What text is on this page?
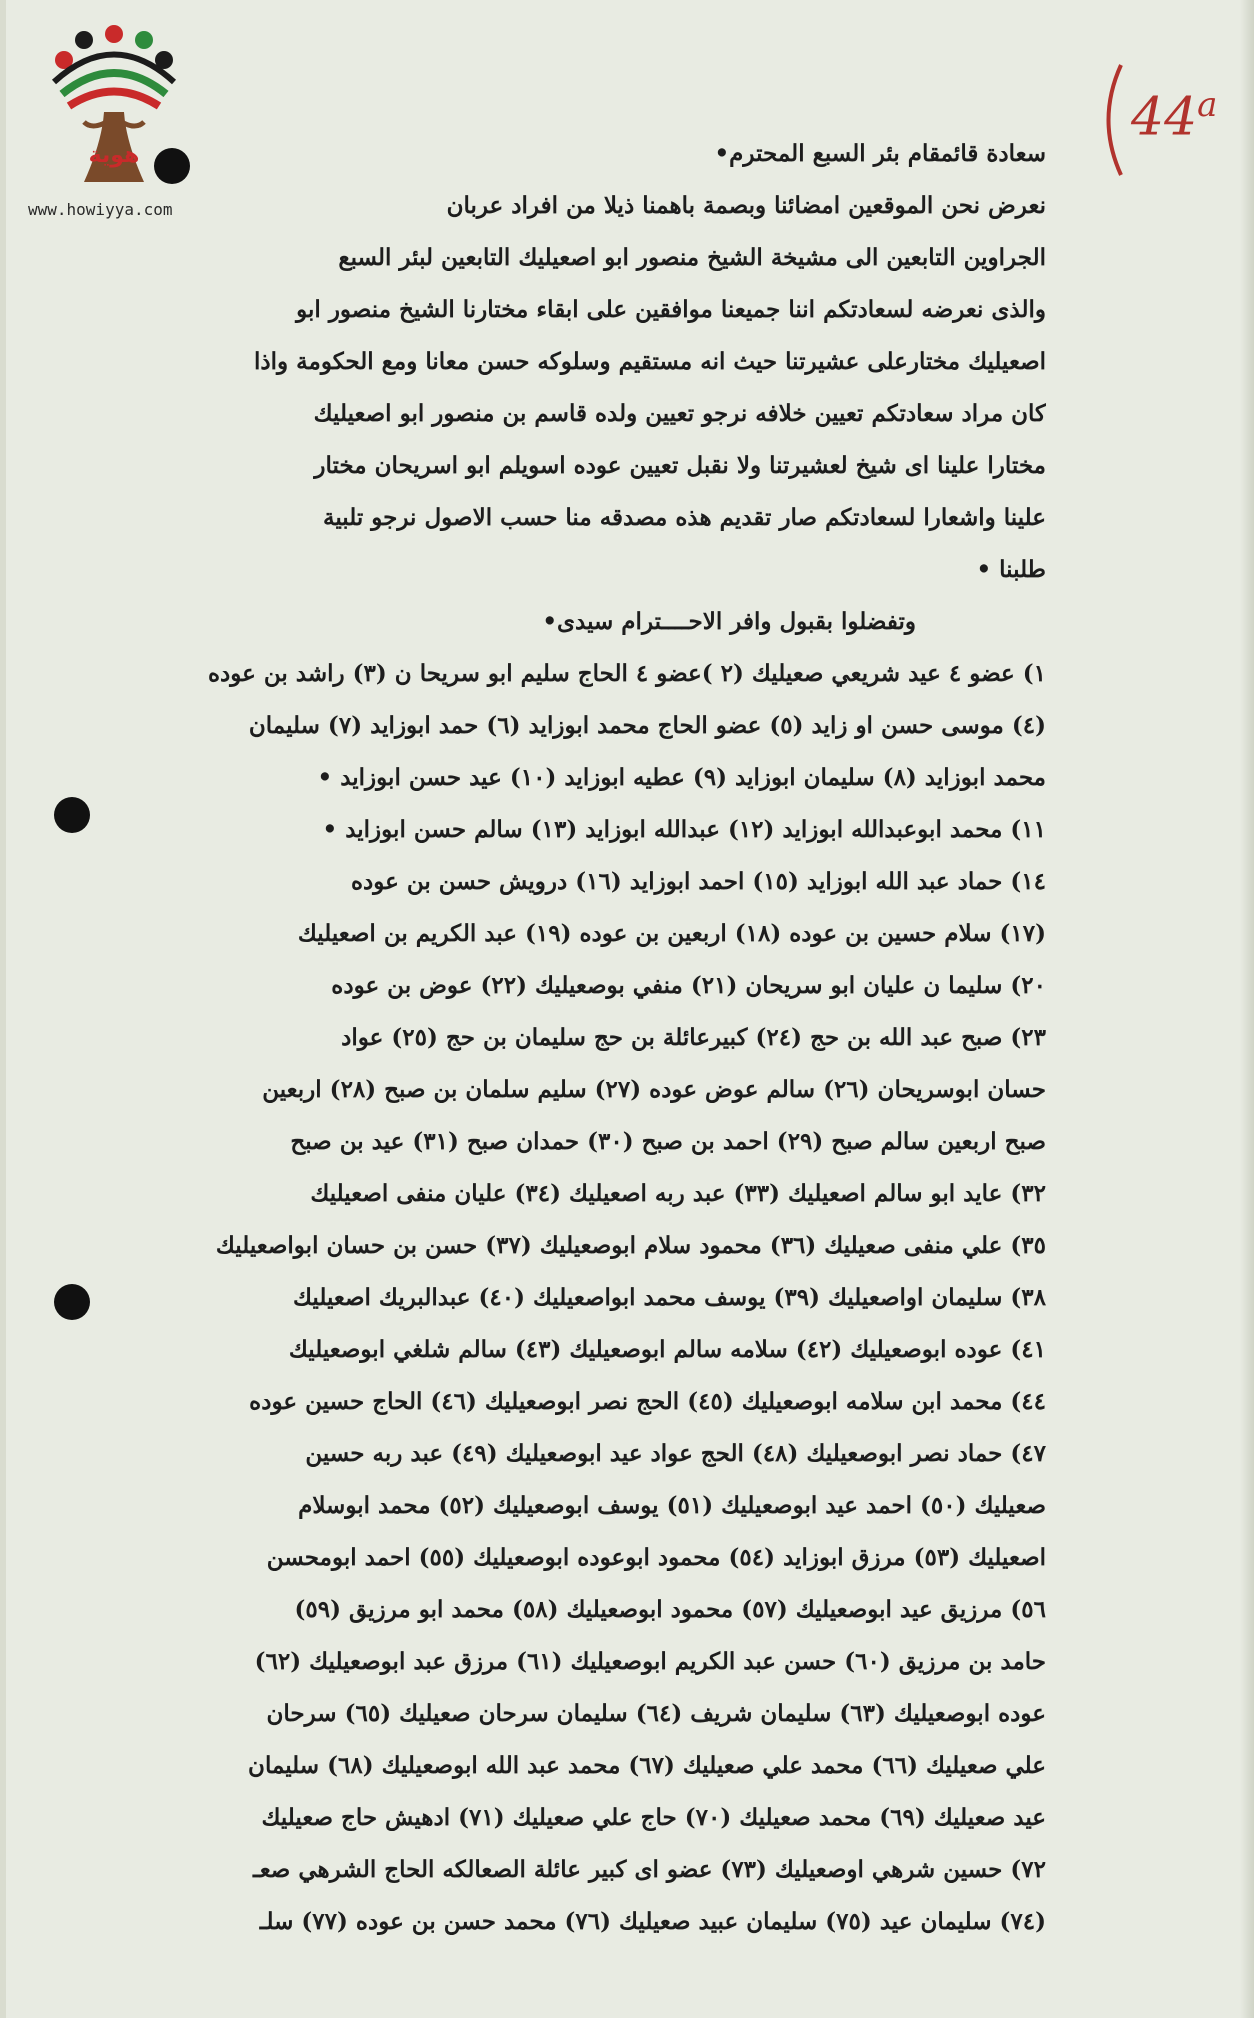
هوية
www.howiyya.com
44$^a$
سعادة قائمقام بئر السبع المحترم•
نعرض نحن الموقعين امضائنا وبصمة باهمنا ذيلا من افراد عربان
الجراوين التابعين الى مشيخة الشيخ منصور ابو اصعيليك التابعين لبئر السبع
والذى نعرضه لسعادتكم اننا جميعنا موافقين على ابقاء مختارنا الشيخ منصور ابو
اصعيليك مختارعلى عشيرتنا حيث انه مستقيم وسلوكه حسن معانا ومع الحكومة واذا
كان مراد سعادتكم تعيين خلافه نرجو تعيين ولده قاسم بن منصور ابو اصعيليك
مختارا علينا اى شيخ لعشيرتنا ولا نقبل تعيين عوده اسويلم ابو اسريحان مختار
علينا واشعارا لسعادتكم صار تقديم هذه مصدقه منا حسب الاصول نرجو تلبية
طلبنا •
وتفضلوا بقبول وافر الاحــــترام سيدى•
١) عضو ٤ عيد شريعي صعيليك (٢ )عضو ٤ الحاج سليم ابو سريحا ن (٣) راشد بن عوده
(٤) موسى حسن او زايد (٥) عضو الحاج محمد ابوزايد (٦) حمد ابوزايد (٧) سليمان
محمد ابوزايد (٨) سليمان ابوزايد (٩) عطيه ابوزايد (١٠) عيد حسن ابوزايد •
١١) محمد ابوعبدالله ابوزايد (١٢) عبدالله ابوزايد (١٣) سالم حسن ابوزايد •
١٤) حماد عبد الله ابوزايد (١٥) احمد ابوزايد (١٦) درويش حسن بن عوده
(١٧) سلام حسين بن عوده (١٨) اربعين بن عوده (١٩) عبد الكريم بن اصعيليك
٢٠) سليما ن عليان ابو سريحان (٢١) منفي بوصعيليك (٢٢) عوض بن عوده
٢٣) صبح عبد الله بن حج (٢٤) كبيرعائلة بن حج سليمان بن حج (٢٥) عواد
حسان ابوسريحان (٢٦) سالم عوض عوده (٢٧) سليم سلمان بن صبح (٢٨) اربعين
صبح اربعين سالم صبح (٢٩) احمد بن صبح (٣٠) حمدان صبح (٣١) عيد بن صبح
٣٢) عايد ابو سالم اصعيليك (٣٣) عبد ربه اصعيليك (٣٤) عليان منفى اصعيليك
٣٥) علي منفى صعيليك (٣٦) محمود سلام ابوصعيليك (٣٧) حسن بن حسان ابواصعيليك
٣٨) سليمان اواصعيليك (٣٩) يوسف محمد ابواصعيليك (٤٠) عبدالبريك اصعيليك
٤١) عوده ابوصعيليك (٤٢) سلامه سالم ابوصعيليك (٤٣) سالم شلغي ابوصعيليك
٤٤) محمد ابن سلامه ابوصعيليك (٤٥) الحج نصر ابوصعيليك (٤٦) الحاج حسين عوده
٤٧) حماد نصر ابوصعيليك (٤٨) الحج عواد عيد ابوصعيليك (٤٩) عبد ربه حسين
صعيليك (٥٠) احمد عيد ابوصعيليك (٥١) يوسف ابوصعيليك (٥٢) محمد ابوسلام
اصعيليك (٥٣) مرزق ابوزايد (٥٤) محمود ابوعوده ابوصعيليك (٥٥) احمد ابومحسن
٥٦) مرزيق عيد ابوصعيليك (٥٧) محمود ابوصعيليك (٥٨) محمد ابو مرزيق (٥٩)
حامد بن مرزيق (٦٠) حسن عبد الكريم ابوصعيليك (٦١) مرزق عبد ابوصعيليك (٦٢)
عوده ابوصعيليك (٦٣) سليمان شريف (٦٤) سليمان سرحان صعيليك (٦٥) سرحان
علي صعيليك (٦٦) محمد علي صعيليك (٦٧) محمد عبد الله ابوصعيليك (٦٨) سليمان
عيد صعيليك (٦٩) محمد صعيليك (٧٠) حاج علي صعيليك (٧١) ادهيش حاج صعيليك
٧٢) حسين شرهي اوصعيليك (٧٣) عضو اى كبير عائلة الصعالكه الحاج الشرهي صعـ
(٧٤) سليمان عيد (٧٥) سليمان عبيد صعيليك (٧٦) محمد حسن بن عوده (٧٧) سلـ
